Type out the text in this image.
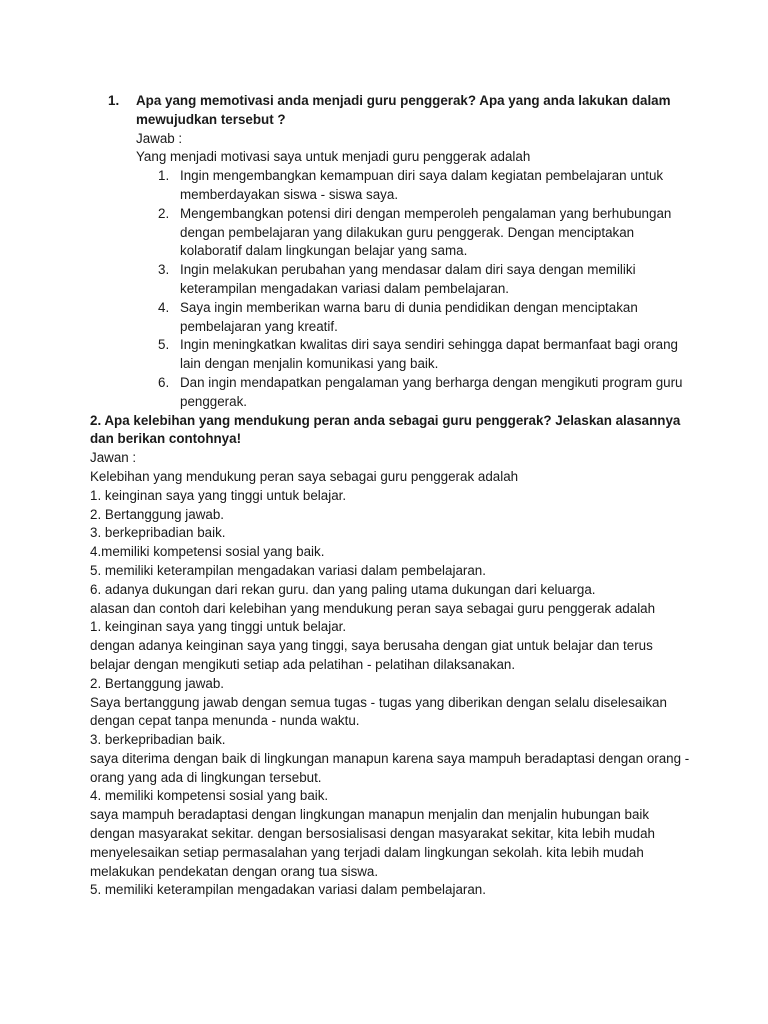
1.	Apa yang memotivasi anda menjadi guru penggerak? Apa yang anda lakukan dalam mewujudkan tersebut ?
Jawab :
Yang menjadi motivasi saya untuk menjadi guru penggerak adalah
1. Ingin mengembangkan kemampuan diri saya dalam kegiatan pembelajaran untuk memberdayakan siswa - siswa saya.
2. Mengembangkan potensi diri dengan memperoleh pengalaman yang berhubungan dengan pembelajaran yang dilakukan guru penggerak. Dengan menciptakan kolaboratif dalam lingkungan belajar yang sama.
3. Ingin melakukan perubahan yang mendasar dalam diri saya dengan memiliki keterampilan mengadakan variasi dalam pembelajaran.
4. Saya ingin memberikan warna baru di dunia pendidikan dengan menciptakan pembelajaran yang kreatif.
5. Ingin meningkatkan kwalitas diri saya sendiri sehingga dapat bermanfaat bagi orang lain dengan menjalin komunikasi yang baik.
6. Dan ingin mendapatkan pengalaman yang berharga dengan mengikuti program guru penggerak.
2. Apa kelebihan yang mendukung peran anda sebagai guru penggerak? Jelaskan alasannya dan berikan contohnya!
Jawan :
Kelebihan yang mendukung peran saya sebagai guru penggerak adalah
1. keinginan saya yang tinggi untuk belajar.
2. Bertanggung jawab.
3. berkepribadian baik.
4.memiliki kompetensi sosial yang baik.
5. memiliki keterampilan mengadakan variasi dalam pembelajaran.
6. adanya dukungan dari rekan guru. dan yang paling utama dukungan dari keluarga.
alasan dan contoh dari kelebihan yang mendukung peran saya sebagai guru penggerak adalah
1. keinginan saya yang tinggi untuk belajar.
dengan adanya keinginan saya yang tinggi, saya berusaha dengan giat untuk belajar dan terus belajar dengan mengikuti setiap ada pelatihan - pelatihan dilaksanakan.
2. Bertanggung jawab.
Saya bertanggung jawab dengan semua tugas - tugas yang diberikan dengan selalu diselesaikan dengan cepat tanpa menunda - nunda waktu.
3. berkepribadian baik.
saya diterima dengan baik di lingkungan manapun karena saya mampuh beradaptasi dengan orang - orang yang ada di lingkungan tersebut.
4. memiliki kompetensi sosial yang baik.
saya mampuh beradaptasi dengan lingkungan manapun menjalin dan menjalin hubungan baik dengan masyarakat sekitar. dengan bersosialisasi dengan masyarakat sekitar, kita lebih mudah menyelesaikan setiap permasalahan yang terjadi dalam lingkungan sekolah. kita lebih mudah melakukan pendekatan dengan orang tua siswa.
5. memiliki keterampilan mengadakan variasi dalam pembelajaran.
